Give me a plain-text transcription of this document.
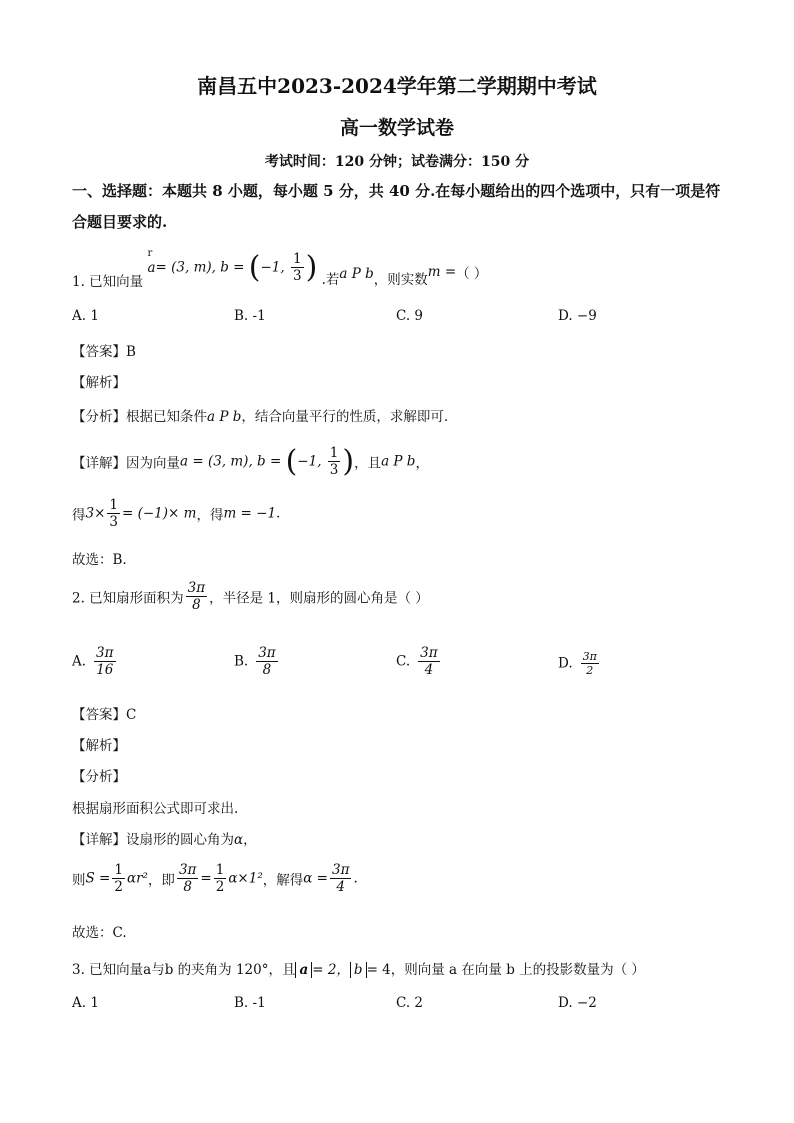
南昌五中2023-2024学年第二学期期中考试
高一数学试卷
考试时间：120 分钟；试卷满分：150 分
一、选择题：本题共 8 小题，每小题 5 分，共 40 分.在每小题给出的四个选项中，只有一项是符合题目要求的.
1. 已知向量 r a= (3, m), b = (−1, $\frac{1}{3}$ ) .若a P b，则实数m =（ ）
A. 1	B. -1	C. 9	D. −9
【答案】B
【解析】
【分析】根据已知条件a P b，结合向量平行的性质，求解即可.
【详解】因为向量a = (3, m), b = (−1, $\frac{1}{3}$ )，且a P b，
得$3\times \frac{1}{3} = (-1)\times m$，得m = −1.
故选：B.
2. 已知扇形面积为 $\frac{3\pi}{8}$ ，半径是 1，则扇形的圆心角是（ ）
A. $\frac{3\pi}{16}$	B. $\frac{3\pi}{8}$	C. $\frac{3\pi}{4}$	D. $\frac{3\pi}{2}$
【答案】C
【解析】
【分析】
根据扇形面积公式即可求出.
【详解】设扇形的圆心角为α，
则$S = \frac{1}{2} \alpha r^2$，即 $\frac{3\pi}{8} = \frac{1}{2} \alpha\times 1^2$，解得$\alpha = \frac{3\pi}{4}$ .
故选：C.
3. 已知向量a与b 的夹角为 120°，且 a = 2， b = 4，则向量 a 在向量 b 上的投影数量为（ ）
A. 1	B. -1	C. 2	D. −2
